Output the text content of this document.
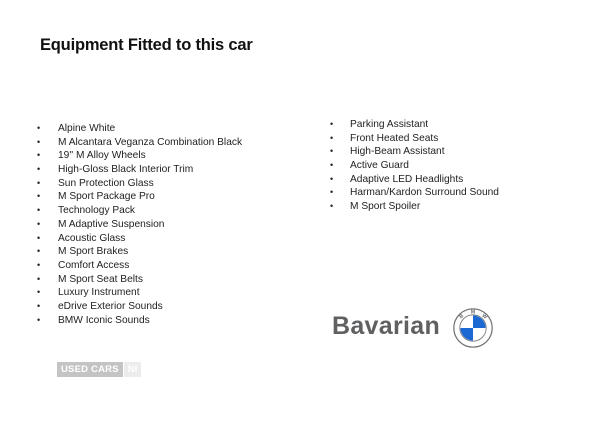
Equipment Fitted to this car
• Alpine White
• M Alcantara Veganza Combination Black
• 19'' M Alloy Wheels
• High-Gloss Black Interior Trim
• Sun Protection Glass
• M Sport Package Pro
• Technology Pack
• M Adaptive Suspension
• Acoustic Glass
• M Sport Brakes
• Comfort Access
• M Sport Seat Belts
• Luxury Instrument
• eDrive Exterior Sounds
• BMW Iconic Sounds
• Parking Assistant
• Front Heated Seats
• High-Beam Assistant
• Active Guard
• Adaptive LED Headlights
• Harman/Kardon Surround Sound
• M Sport Spoiler
Bavarian	B
M
W
USED CARS NI
